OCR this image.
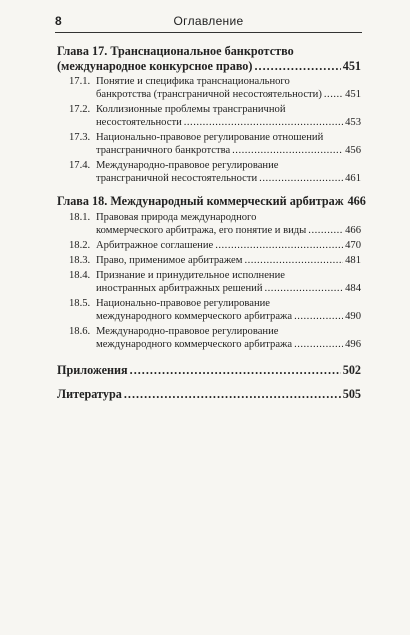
8	Оглавление
Глава 17. Транснациональное банкротство
(международное конкурсное право) .....	451
17.1. Понятие и специфика транснационального
банкротства (трансграничной несостоятельности) ..... 451
17.2. Коллизионные проблемы трансграничной
несостоятельности .....	453
17.3. Национально-правовое регулирование отношений
трансграничного банкротства .....	456
17.4. Международно-правовое регулирование
трансграничной несостоятельности .....	461
Глава 18. Международный коммерческий арбитраж 466
18.1. Правовая природа международного
коммерческого арбитража, его понятие и виды .....	466
18.2. Арбитражное соглашение .....	470
18.3. Право, применимое арбитражем .....	481
18.4. Признание и принудительное исполнение
иностранных арбитражных решений .....	484
18.5. Национально-правовое регулирование
международного коммерческого арбитража .....	490
18.6. Международно-правовое регулирование
международного коммерческого арбитража .....	496
Приложения .....	502
Литература .....	505
